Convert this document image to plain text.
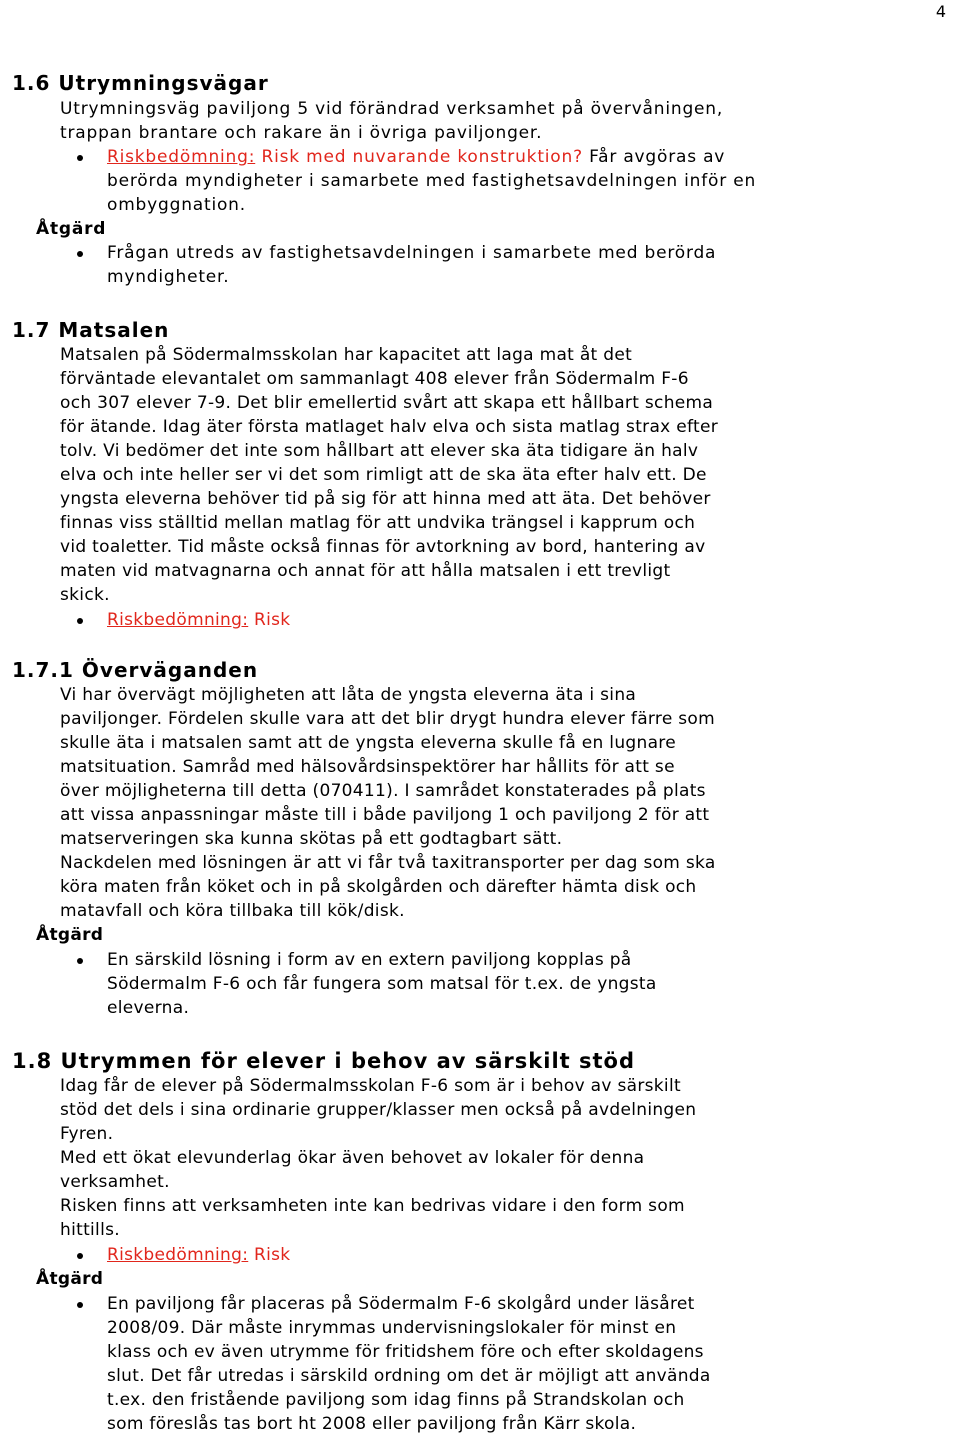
4
1.6 Utrymningsvägar
Utrymningsväg paviljong 5 vid förändrad verksamhet på övervåningen,
trappan brantare och rakare än i övriga paviljonger.
Riskbedömning: Risk med nuvarande konstruktion? Får avgöras av
berörda myndigheter i samarbete med fastighetsavdelningen inför en
ombyggnation.
Åtgärd
Frågan utreds av fastighetsavdelningen i samarbete med berörda
myndigheter.
1.7 Matsalen
Matsalen på Södermalmsskolan har kapacitet att laga mat åt det
förväntade elevantalet om sammanlagt 408 elever från Södermalm F-6
och 307 elever 7-9. Det blir emellertid svårt att skapa ett hållbart schema
för ätande. Idag äter första matlaget halv elva och sista matlag strax efter
tolv. Vi bedömer det inte som hållbart att elever ska äta tidigare än halv
elva och inte heller ser vi det som rimligt att de ska äta efter halv ett. De
yngsta eleverna behöver tid på sig för att hinna med att äta. Det behöver
finnas viss ställtid mellan matlag för att undvika trängsel i kapprum och
vid toaletter. Tid måste också finnas för avtorkning av bord, hantering av
maten vid matvagnarna och annat för att hålla matsalen i ett trevligt
skick.
Riskbedömning: Risk
1.7.1 Överväganden
Vi har övervägt möjligheten att låta de yngsta eleverna äta i sina
paviljonger. Fördelen skulle vara att det blir drygt hundra elever färre som
skulle äta i matsalen samt att de yngsta eleverna skulle få en lugnare
matsituation. Samråd med hälsovårdsinspektörer har hållits för att se
över möjligheterna till detta (070411). I samrådet konstaterades på plats
att vissa anpassningar måste till i både paviljong 1 och paviljong 2 för att
matserveringen ska kunna skötas på ett godtagbart sätt.
Nackdelen med lösningen är att vi får två taxitransporter per dag som ska
köra maten från köket och in på skolgården och därefter hämta disk och
matavfall och köra tillbaka till kök/disk.
Åtgärd
En särskild lösning i form av en extern paviljong kopplas på
Södermalm F-6 och får fungera som matsal för t.ex. de yngsta
eleverna.
1.8 Utrymmen för elever i behov av särskilt stöd
Idag får de elever på Södermalmsskolan F-6 som är i behov av särskilt
stöd det dels i sina ordinarie grupper/klasser men också på avdelningen
Fyren.
Med ett ökat elevunderlag ökar även behovet av lokaler för denna
verksamhet.
Risken finns att verksamheten inte kan bedrivas vidare i den form som
hittills.
Riskbedömning: Risk
Åtgärd
En paviljong får placeras på Södermalm F-6 skolgård under läsåret
2008/09. Där måste inrymmas undervisningslokaler för minst en
klass och ev även utrymme för fritidshem före och efter skoldagens
slut. Det får utredas i särskild ordning om det är möjligt att använda
t.ex. den fristående paviljong som idag finns på Strandskolan och
som föreslås tas bort ht 2008 eller paviljong från Kärr skola.
